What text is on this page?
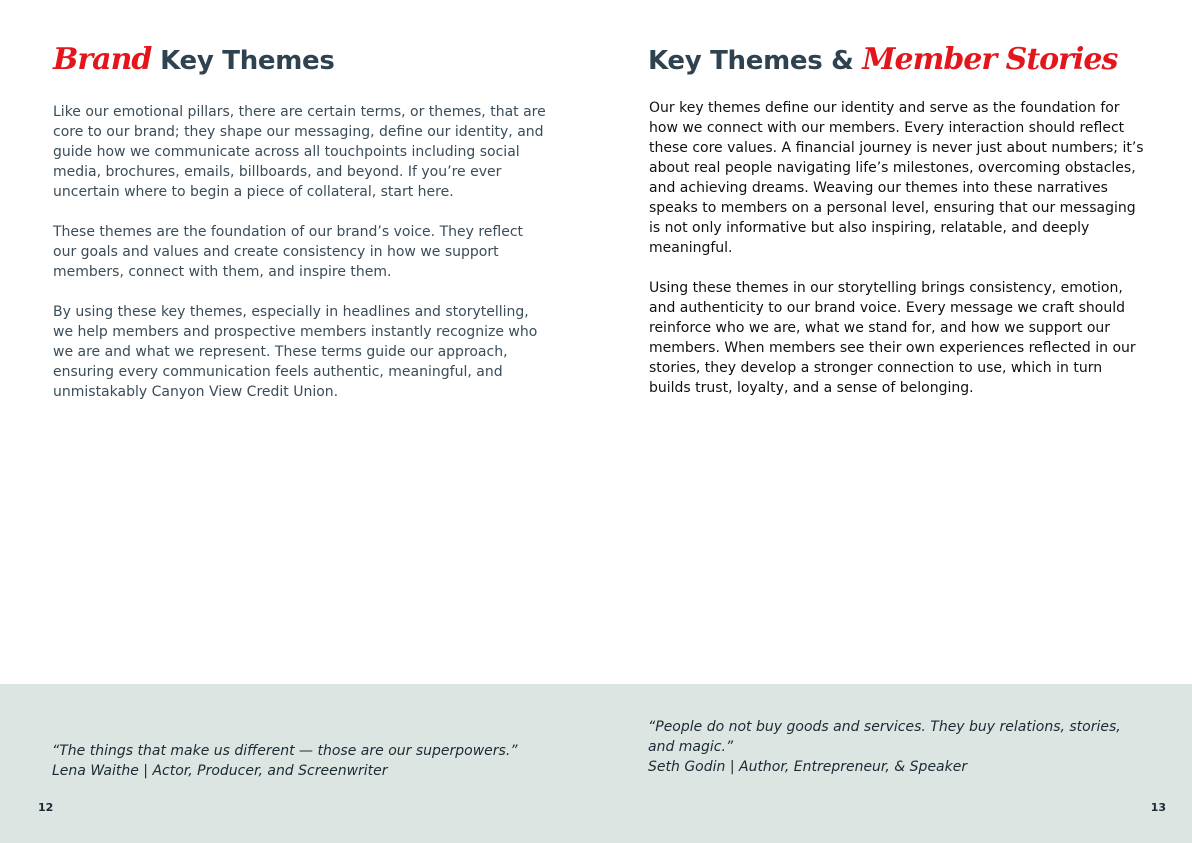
Brand Key Themes

Like our emotional pillars, there are certain terms, or themes, that are core to our brand; they shape our messaging, define our identity, and guide how we communicate across all touchpoints including social media, brochures, emails, billboards, and beyond. If you’re ever uncertain where to begin a piece of collateral, start here.

These themes are the foundation of our brand’s voice. They reflect our goals and values and create consistency in how we support members, connect with them, and inspire them.

By using these key themes, especially in headlines and storytelling, we help members and prospective members instantly recognize who we are and what we represent. These terms guide our approach, ensuring every communication feels authentic, meaningful, and unmistakably Canyon View Credit Union.

Key Themes & Member Stories

Our key themes define our identity and serve as the foundation for how we connect with our members. Every interaction should reflect these core values. A financial journey is never just about numbers; it’s about real people navigating life’s milestones, overcoming obstacles, and achieving dreams. Weaving our themes into these narratives speaks to members on a personal level, ensuring that our messaging is not only informative but also inspiring, relatable, and deeply meaningful.

Using these themes in our storytelling brings consistency, emotion, and authenticity to our brand voice. Every message we craft should reinforce who we are, what we stand for, and how we support our members. When members see their own experiences reflected in our stories, they develop a stronger connection to use, which in turn builds trust, loyalty, and a sense of belonging.

“The things that make us different — those are our superpowers.”

Lena Waithe | Actor, Producer, and Screenwriter

“People do not buy goods and services. They buy relations, stories, and magic.”

Seth Godin | Author, Entrepreneur, & Speaker

12	13
